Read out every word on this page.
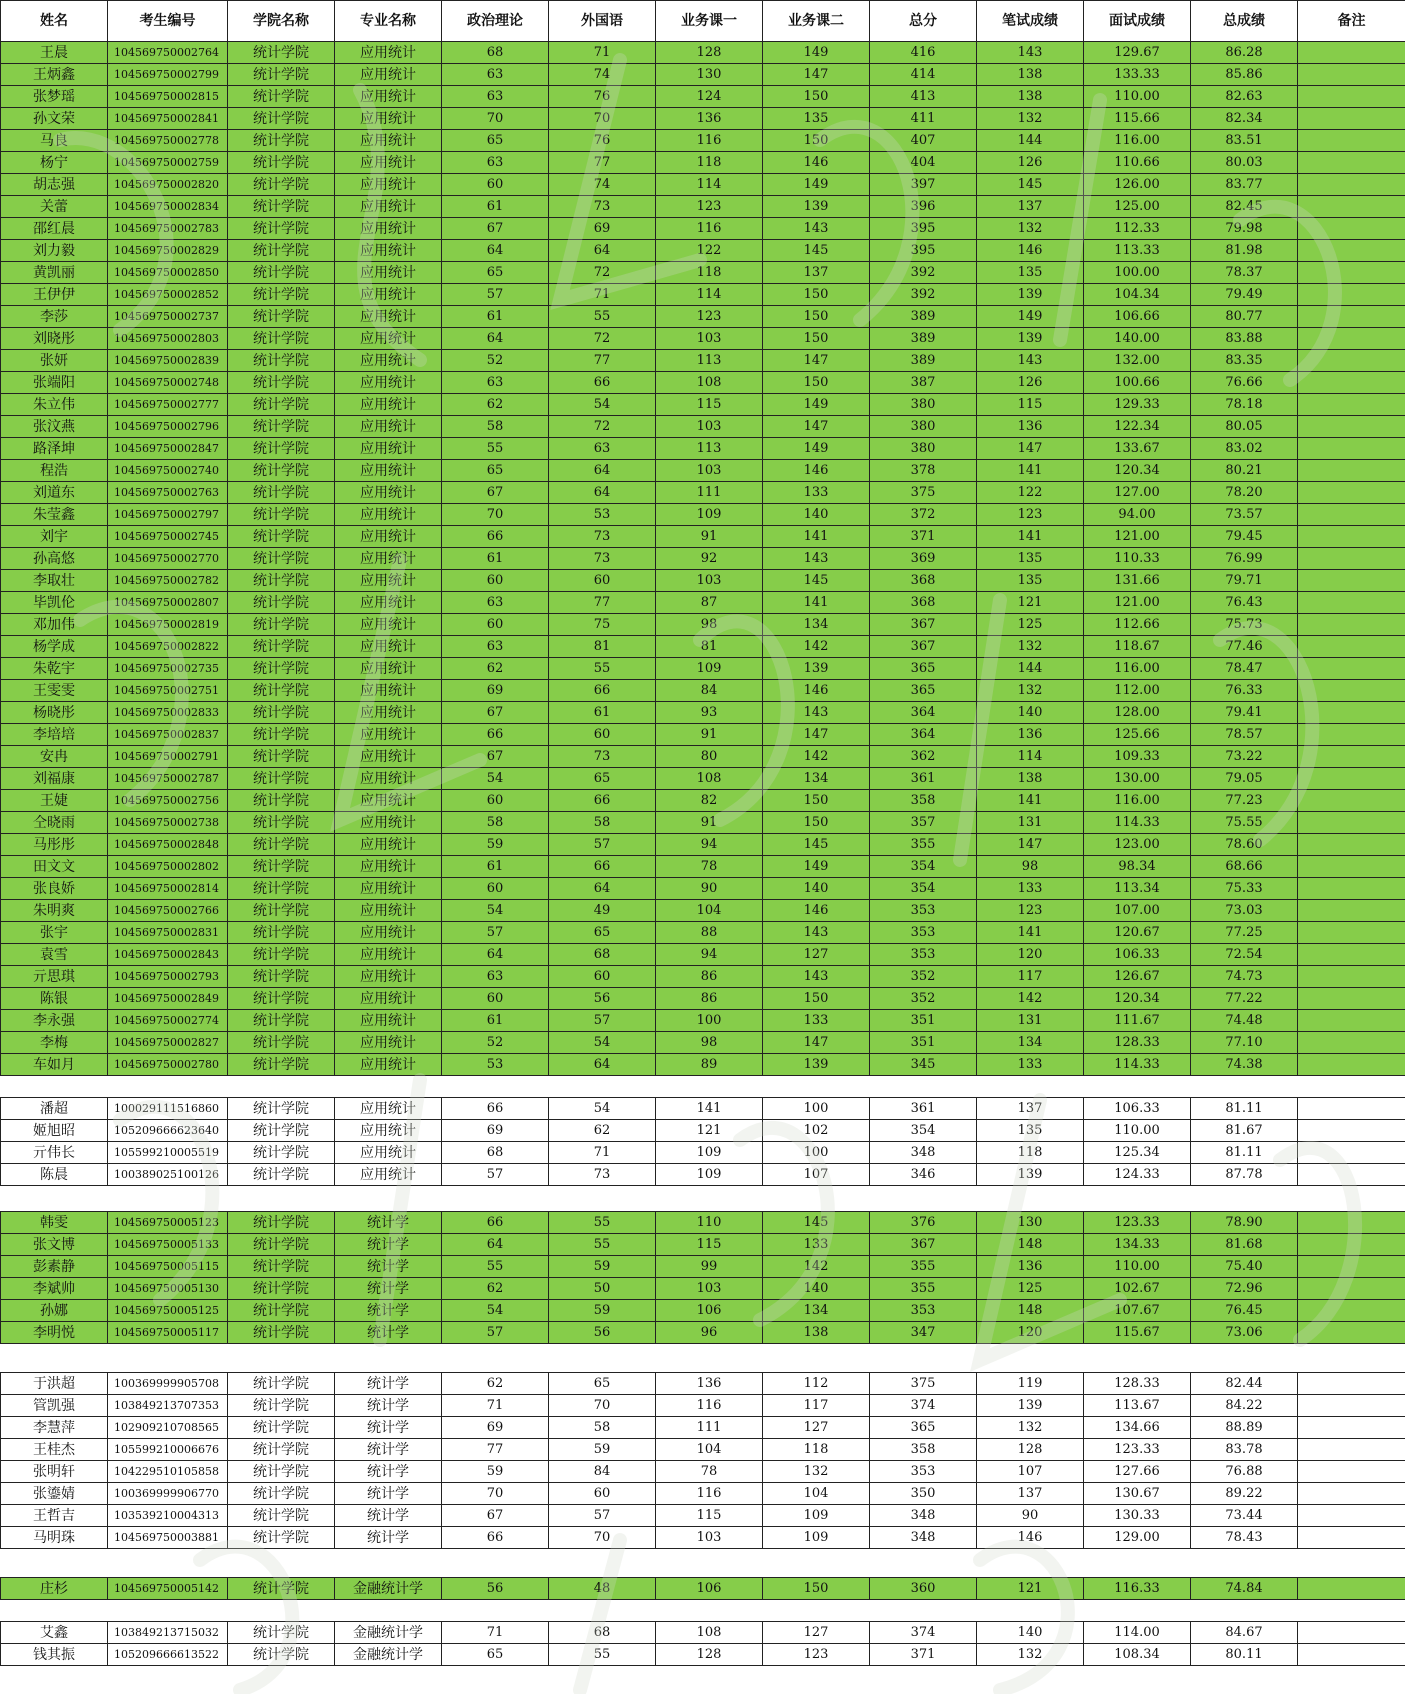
姓名	考生编号	学院名称	专业名称	政治理论	外国语	业务课一	业务课二	总分	笔试成绩	面试成绩	总成绩	备注
王晨	104569750002764	统计学院	应用统计	68	71	128	149	416	143	129.67	86.28	
王炳鑫	104569750002799	统计学院	应用统计	63	74	130	147	414	138	133.33	85.86	
张梦瑶	104569750002815	统计学院	应用统计	63	76	124	150	413	138	110.00	82.63	
孙文荣	104569750002841	统计学院	应用统计	70	70	136	135	411	132	115.66	82.34	
马良	104569750002778	统计学院	应用统计	65	76	116	150	407	144	116.00	83.51	
杨宁	104569750002759	统计学院	应用统计	63	77	118	146	404	126	110.66	80.03	
胡志强	104569750002820	统计学院	应用统计	60	74	114	149	397	145	126.00	83.77	
关蕾	104569750002834	统计学院	应用统计	61	73	123	139	396	137	125.00	82.45	
邵红晨	104569750002783	统计学院	应用统计	67	69	116	143	395	132	112.33	79.98	
刘力毅	104569750002829	统计学院	应用统计	64	64	122	145	395	146	113.33	81.98	
黄凯丽	104569750002850	统计学院	应用统计	65	72	118	137	392	135	100.00	78.37	
王伊伊	104569750002852	统计学院	应用统计	57	71	114	150	392	139	104.34	79.49	
李莎	104569750002737	统计学院	应用统计	61	55	123	150	389	149	106.66	80.77	
刘晓彤	104569750002803	统计学院	应用统计	64	72	103	150	389	139	140.00	83.88	
张妍	104569750002839	统计学院	应用统计	52	77	113	147	389	143	132.00	83.35	
张端阳	104569750002748	统计学院	应用统计	63	66	108	150	387	126	100.66	76.66	
朱立伟	104569750002777	统计学院	应用统计	62	54	115	149	380	115	129.33	78.18	
张汶燕	104569750002796	统计学院	应用统计	58	72	103	147	380	136	122.34	80.05	
路泽坤	104569750002847	统计学院	应用统计	55	63	113	149	380	147	133.67	83.02	
程浩	104569750002740	统计学院	应用统计	65	64	103	146	378	141	120.34	80.21	
刘道东	104569750002763	统计学院	应用统计	67	64	111	133	375	122	127.00	78.20	
朱莹鑫	104569750002797	统计学院	应用统计	70	53	109	140	372	123	94.00	73.57	
刘宇	104569750002745	统计学院	应用统计	66	73	91	141	371	141	121.00	79.45	
孙高悠	104569750002770	统计学院	应用统计	61	73	92	143	369	135	110.33	76.99	
李取壮	104569750002782	统计学院	应用统计	60	60	103	145	368	135	131.66	79.71	
毕凯伦	104569750002807	统计学院	应用统计	63	77	87	141	368	121	121.00	76.43	
邓加伟	104569750002819	统计学院	应用统计	60	75	98	134	367	125	112.66	75.73	
杨学成	104569750002822	统计学院	应用统计	63	81	81	142	367	132	118.67	77.46	
朱乾宇	104569750002735	统计学院	应用统计	62	55	109	139	365	144	116.00	78.47	
王雯雯	104569750002751	统计学院	应用统计	69	66	84	146	365	132	112.00	76.33	
杨晓彤	104569750002833	统计学院	应用统计	67	61	93	143	364	140	128.00	79.41	
李培培	104569750002837	统计学院	应用统计	66	60	91	147	364	136	125.66	78.57	
安冉	104569750002791	统计学院	应用统计	67	73	80	142	362	114	109.33	73.22	
刘福康	104569750002787	统计学院	应用统计	54	65	108	134	361	138	130.00	79.05	
王婕	104569750002756	统计学院	应用统计	60	66	82	150	358	141	116.00	77.23	
仝晓雨	104569750002738	统计学院	应用统计	58	58	91	150	357	131	114.33	75.55	
马彤彤	104569750002848	统计学院	应用统计	59	57	94	145	355	147	123.00	78.60	
田文文	104569750002802	统计学院	应用统计	61	66	78	149	354	98	98.34	68.66	
张良娇	104569750002814	统计学院	应用统计	60	64	90	140	354	133	113.34	75.33	
朱明爽	104569750002766	统计学院	应用统计	54	49	104	146	353	123	107.00	73.03	
张宇	104569750002831	统计学院	应用统计	57	65	88	143	353	141	120.67	77.25	
袁雪	104569750002843	统计学院	应用统计	64	68	94	127	353	120	106.33	72.54	
亓思琪	104569750002793	统计学院	应用统计	63	60	86	143	352	117	126.67	74.73	
陈银	104569750002849	统计学院	应用统计	60	56	86	150	352	142	120.34	77.22	
李永强	104569750002774	统计学院	应用统计	61	57	100	133	351	131	111.67	74.48	
李梅	104569750002827	统计学院	应用统计	52	54	98	147	351	134	128.33	77.10	
车如月	104569750002780	统计学院	应用统计	53	64	89	139	345	133	114.33	74.38	

潘超	100029111516860	统计学院	应用统计	66	54	141	100	361	137	106.33	81.11	
姬旭昭	105209666623640	统计学院	应用统计	69	62	121	102	354	135	110.00	81.67	
亓伟长	105599210005519	统计学院	应用统计	68	71	109	100	348	118	125.34	81.11	
陈晨	100389025100126	统计学院	应用统计	57	73	109	107	346	139	124.33	87.78	

韩雯	104569750005123	统计学院	统计学	66	55	110	145	376	130	123.33	78.90	
张文博	104569750005133	统计学院	统计学	64	55	115	133	367	148	134.33	81.68	
彭素静	104569750005115	统计学院	统计学	55	59	99	142	355	136	110.00	75.40	
李斌帅	104569750005130	统计学院	统计学	62	50	103	140	355	125	102.67	72.96	
孙娜	104569750005125	统计学院	统计学	54	59	106	134	353	148	107.67	76.45	
李明悦	104569750005117	统计学院	统计学	57	56	96	138	347	120	115.67	73.06	

于洪超	100369999905708	统计学院	统计学	62	65	136	112	375	119	128.33	82.44	
管凯强	103849213707353	统计学院	统计学	71	70	116	117	374	139	113.67	84.22	
李慧萍	102909210708565	统计学院	统计学	69	58	111	127	365	132	134.66	88.89	
王桂杰	105599210006676	统计学院	统计学	77	59	104	118	358	128	123.33	83.78	
张明轩	104229510105858	统计学院	统计学	59	84	78	132	353	107	127.66	76.88	
张鎏婧	100369999906770	统计学院	统计学	70	60	116	104	350	137	130.67	89.22	
王哲吉	103539210004313	统计学院	统计学	67	57	115	109	348	90	130.33	73.44	
马明珠	104569750003881	统计学院	统计学	66	70	103	109	348	146	129.00	78.43	

庄杉	104569750005142	统计学院	金融统计学	56	48	106	150	360	121	116.33	74.84	

艾鑫	103849213715032	统计学院	金融统计学	71	68	108	127	374	140	114.00	84.67	
钱其振	105209666613522	统计学院	金融统计学	65	55	128	123	371	132	108.34	80.11	
